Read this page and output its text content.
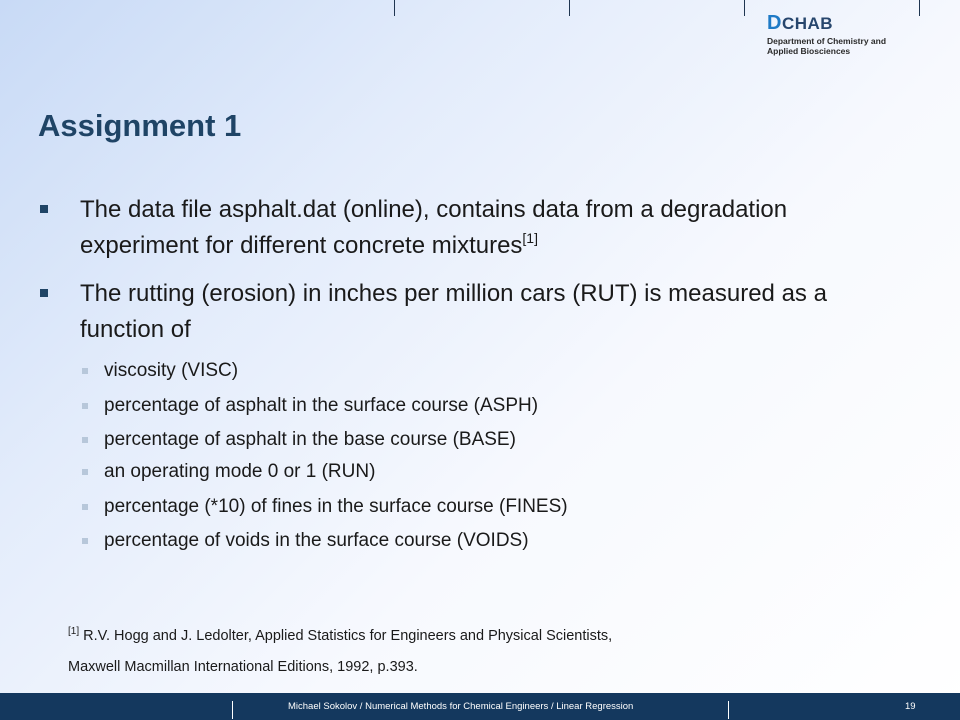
DCHAB
Department of Chemistry and
Applied Biosciences
Assignment 1
The data file asphalt.dat (online), contains data from a degradation experiment for different concrete mixtures[1]
The rutting (erosion) in inches per million cars (RUT) is measured as a function of
viscosity (VISC)
percentage of asphalt in the surface course (ASPH)
percentage of asphalt in the base course (BASE)
an operating mode 0 or 1 (RUN)
percentage (*10) of fines in the surface course (FINES)
percentage of voids in the surface course (VOIDS)
[1] R.V. Hogg and J. Ledolter, Applied Statistics for Engineers and Physical Scientists,
Maxwell Macmillan International Editions, 1992, p.393.
Michael Sokolov / Numerical Methods for Chemical Engineers / Linear Regression	19
